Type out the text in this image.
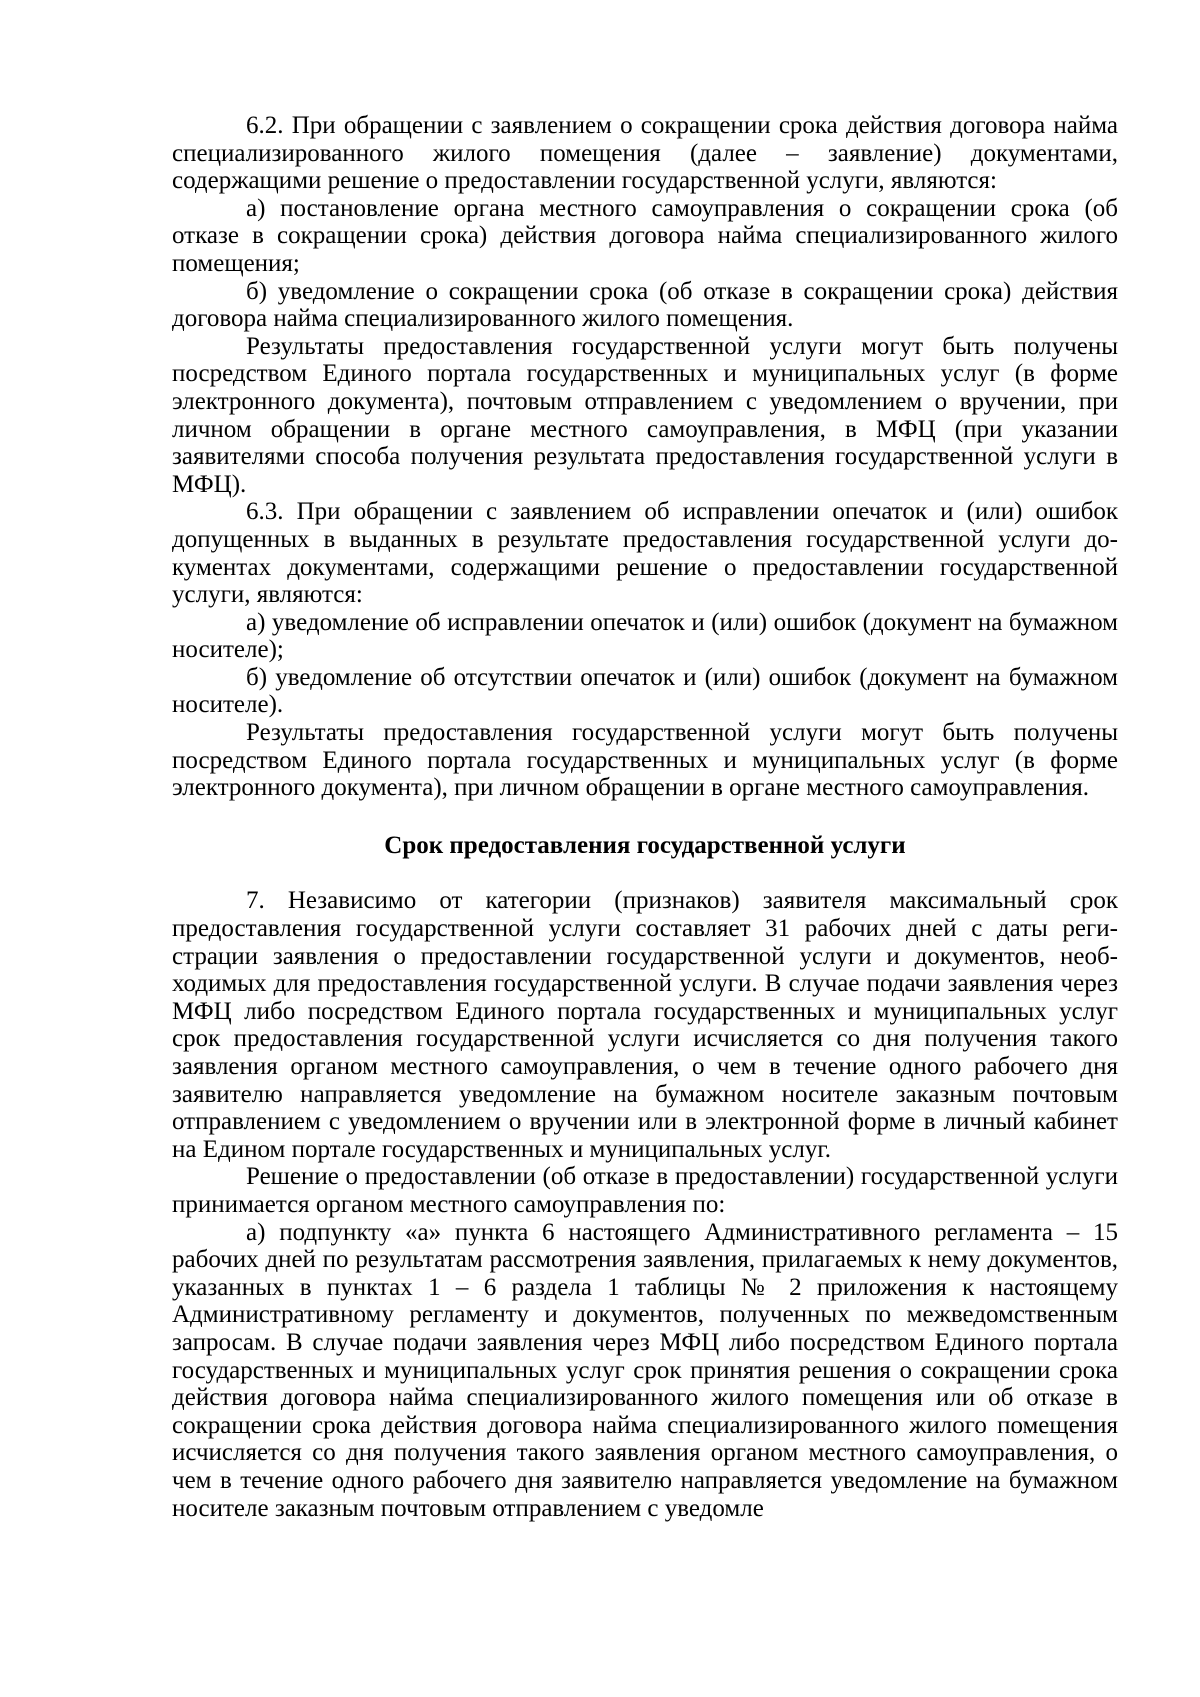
6.2. При обращении с заявлением о сокращении срока действия договора найма специализированного жилого помещения (далее – заявление) документами, содержащими решение о предоставлении государственной услуги, являются:

а) постановление органа местного самоуправления о сокращении срока (об отказе в сокращении срока) действия договора найма специализированного жилого помещения;

б) уведомление о сокращении срока (об отказе в сокращении срока) действия договора найма специализированного жилого помещения.

Результаты предоставления государственной услуги могут быть получены посредством Единого портала государственных и муниципальных услуг (в форме электронного документа), почтовым отправлением с уведомлением о вручении, при личном обращении в органе местного самоуправления, в МФЦ (при указании заявителями способа получения результата предоставления государственной услуги в МФЦ).

6.3. При обращении с заявлением об исправлении опечаток и (или) ошибок допущенных в выданных в результате предоставления государственной услуги документах документами, содержащими решение о предоставлении государственной услуги, являются:

а) уведомление об исправлении опечаток и (или) ошибок (документ на бумажном носителе);

б) уведомление об отсутствии опечаток и (или) ошибок (документ на бумажном носителе).

Результаты предоставления государственной услуги могут быть получены посредством Единого портала государственных и муниципальных услуг (в форме электронного документа), при личном обращении в органе местного самоуправления.

Срок предоставления государственной услуги

7. Независимо от категории (признаков) заявителя максимальный срок предоставления государственной услуги составляет 31 рабочих дней с даты регистрации заявления о предоставлении государственной услуги и документов, необходимых для предоставления государственной услуги. В случае подачи заявления через МФЦ либо посредством Единого портала государственных и муниципальных услуг срок предоставления государственной услуги исчисляется со дня получения такого заявления органом местного самоуправления, о чем в течение одного рабочего дня заявителю направляется уведомление на бумажном носителе заказным почтовым отправлением с уведомлением о вручении или в электронной форме в личный кабинет на Едином портале государственных и муниципальных услуг.

Решение о предоставлении (об отказе в предоставлении) государственной услуги принимается органом местного самоуправления по:

а) подпункту «а» пункта 6 настоящего Административного регламента – 15 рабочих дней по результатам рассмотрения заявления, прилагаемых к нему документов, указанных в пунктах 1 – 6 раздела 1 таблицы № 2 приложения к настоящему Административному регламенту и документов, полученных по межведомственным запросам. В случае подачи заявления через МФЦ либо посредством Единого портала государственных и муниципальных услуг срок принятия решения о сокращении срока действия договора найма специализированного жилого помещения или об отказе в сокращении срока действия договора найма специализированного жилого помещения исчисляется со дня получения такого заявления органом местного самоуправления, о чем в течение одного рабочего дня заявителю направляется уведомление на бумажном носителе заказным почтовым отправлением с уведомле
